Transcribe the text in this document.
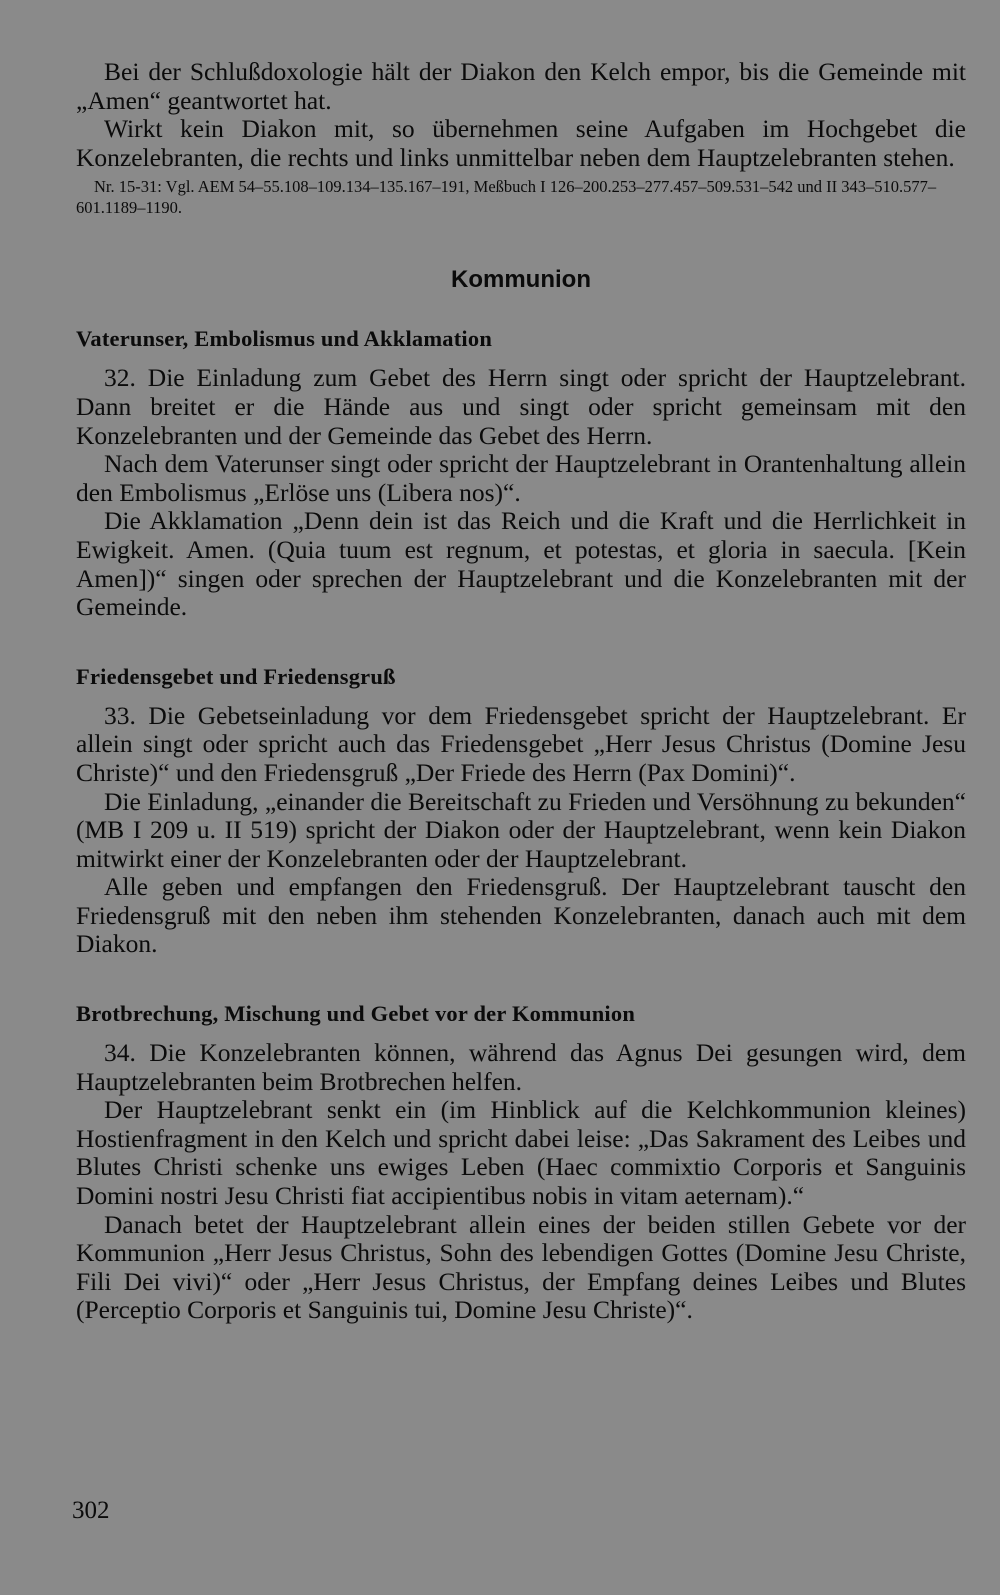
Bei der Schlußdoxologie hält der Diakon den Kelch empor, bis die Gemeinde mit „Amen“ geantwortet hat.

Wirkt kein Diakon mit, so übernehmen seine Aufgaben im Hochgebet die Konzelebranten, die rechts und links unmittelbar neben dem Hauptzelebranten stehen.

Nr. 15-31: Vgl. AEM 54–55.108–109.134–135.167–191, Meßbuch I 126–200.253–277.457–509.531–542 und II 343–510.577–601.1189–1190.

Kommunion
Vaterunser, Embolismus und Akklamation

32. Die Einladung zum Gebet des Herrn singt oder spricht der Hauptzelebrant. Dann breitet er die Hände aus und singt oder spricht gemeinsam mit den Konzelebranten und der Gemeinde das Gebet des Herrn.

Nach dem Vaterunser singt oder spricht der Hauptzelebrant in Orantenhaltung allein den Embolismus „Erlöse uns (Libera nos)“.

Die Akklamation „Denn dein ist das Reich und die Kraft und die Herrlichkeit in Ewigkeit. Amen. (Quia tuum est regnum, et potestas, et gloria in saecula. [Kein Amen])“ singen oder sprechen der Hauptzelebrant und die Konzelebranten mit der Gemeinde.

Friedensgebet und Friedensgruß

33. Die Gebetseinladung vor dem Friedensgebet spricht der Hauptzelebrant. Er allein singt oder spricht auch das Friedensgebet „Herr Jesus Christus (Domine Jesu Christe)“ und den Friedensgruß „Der Friede des Herrn (Pax Domini)“.

Die Einladung, „einander die Bereitschaft zu Frieden und Versöhnung zu bekunden“ (MB I 209 u. II 519) spricht der Diakon oder der Hauptzelebrant, wenn kein Diakon mitwirkt einer der Konzelebranten oder der Hauptzelebrant.

Alle geben und empfangen den Friedensgruß. Der Hauptzelebrant tauscht den Friedensgruß mit den neben ihm stehenden Konzelebranten, danach auch mit dem Diakon.

Brotbrechung, Mischung und Gebet vor der Kommunion

34. Die Konzelebranten können, während das Agnus Dei gesungen wird, dem Hauptzelebranten beim Brotbrechen helfen.

Der Hauptzelebrant senkt ein (im Hinblick auf die Kelchkommunion kleines) Hostienfragment in den Kelch und spricht dabei leise: „Das Sakrament des Leibes und Blutes Christi schenke uns ewiges Leben (Haec commixtio Corporis et Sanguinis Domini nostri Jesu Christi fiat accipientibus nobis in vitam aeternam).“

Danach betet der Hauptzelebrant allein eines der beiden stillen Gebete vor der Kommunion „Herr Jesus Christus, Sohn des lebendigen Gottes (Domine Jesu Christe, Fili Dei vivi)“ oder „Herr Jesus Christus, der Empfang deines Leibes und Blutes (Perceptio Corporis et Sanguinis tui, Domine Jesu Christe)“.

302
